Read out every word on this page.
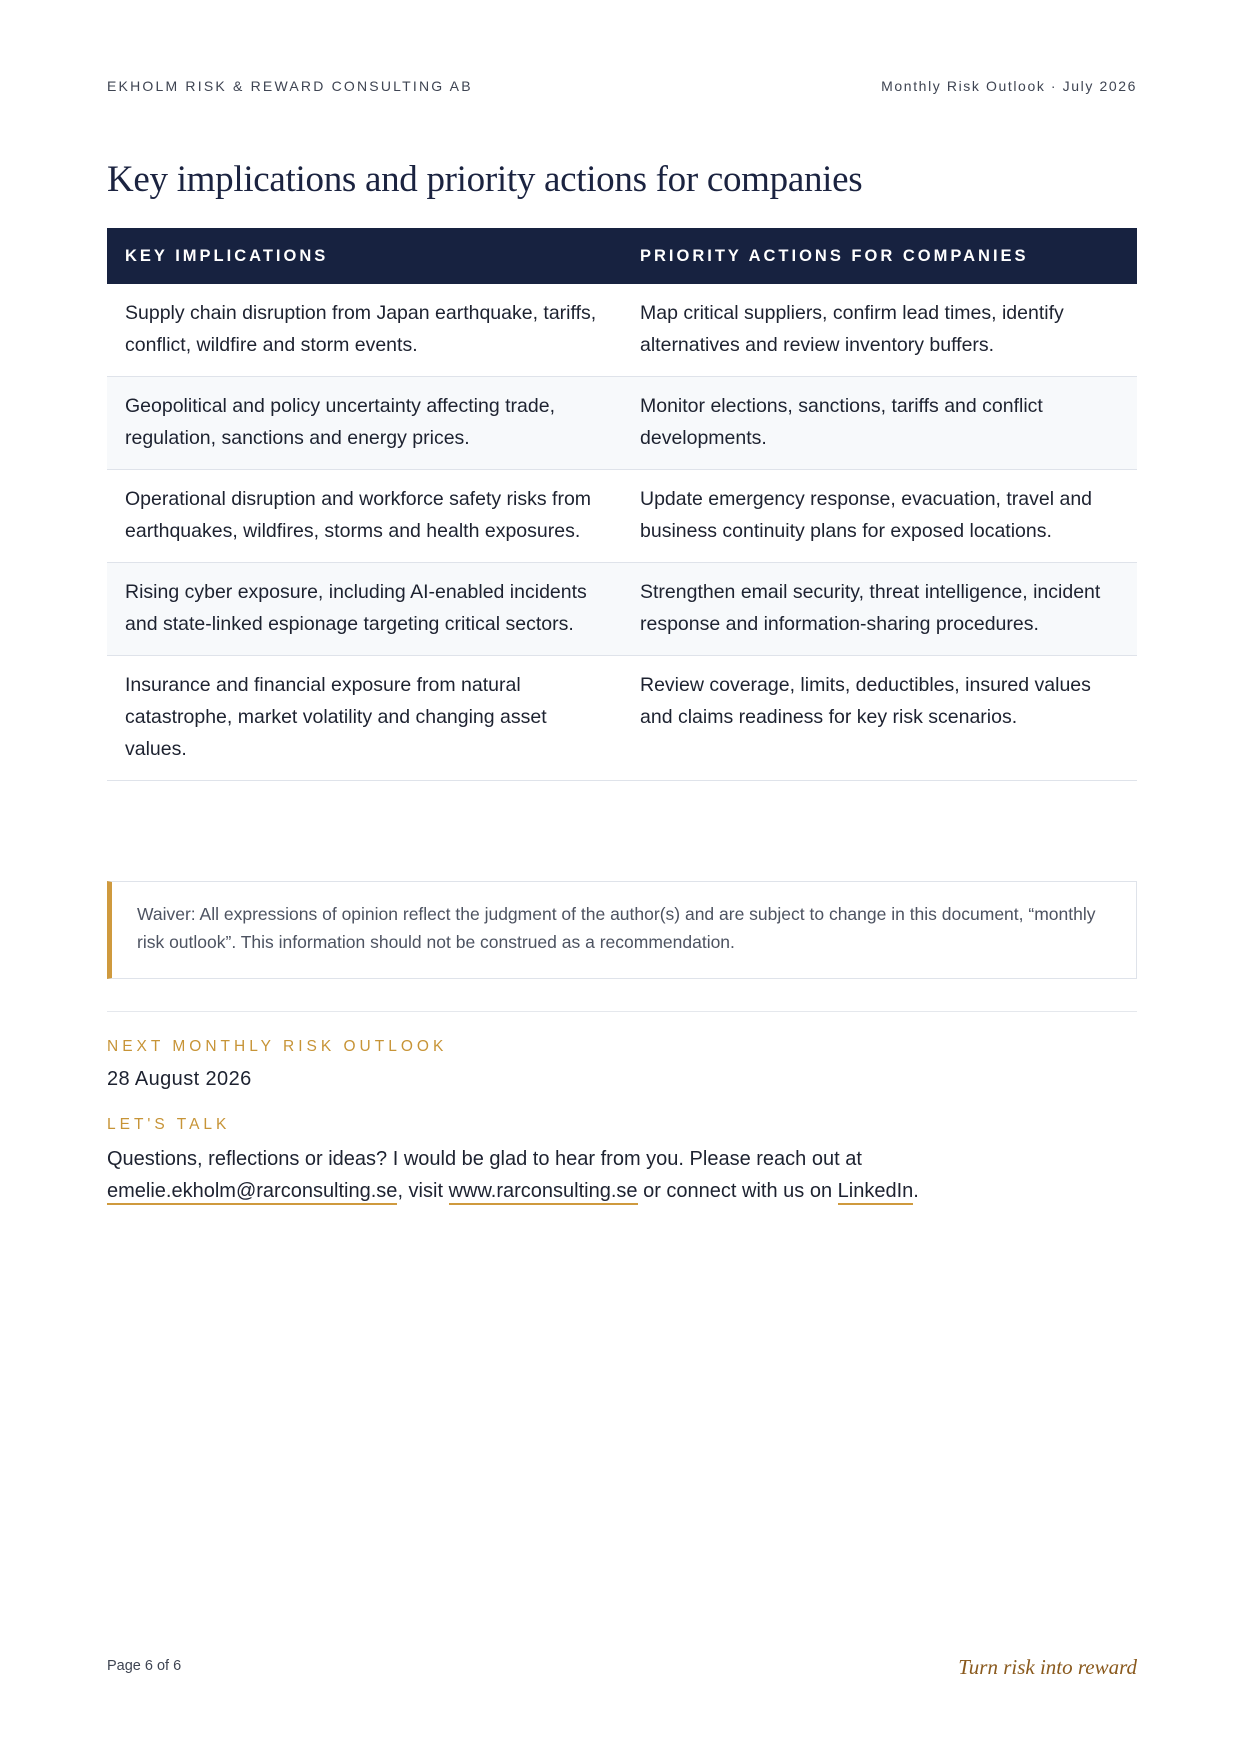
EKHOLM RISK & REWARD CONSULTING AB	Monthly Risk Outlook · July 2026
Key implications and priority actions for companies
KEY IMPLICATIONS	PRIORITY ACTIONS FOR COMPANIES
Supply chain disruption from Japan earthquake, tariffs, conflict, wildfire and storm events.	Map critical suppliers, confirm lead times, identify alternatives and review inventory buffers.
Geopolitical and policy uncertainty affecting trade, regulation, sanctions and energy prices.	Monitor elections, sanctions, tariffs and conflict developments.
Operational disruption and workforce safety risks from earthquakes, wildfires, storms and health exposures.	Update emergency response, evacuation, travel and business continuity plans for exposed locations.
Rising cyber exposure, including AI-enabled incidents and state-linked espionage targeting critical sectors.	Strengthen email security, threat intelligence, incident response and information-sharing procedures.
Insurance and financial exposure from natural catastrophe, market volatility and changing asset values.	Review coverage, limits, deductibles, insured values and claims readiness for key risk scenarios.
Waiver: All expressions of opinion reflect the judgment of the author(s) and are subject to change in this document, “monthly risk outlook”. This information should not be construed as a recommendation.
NEXT MONTHLY RISK OUTLOOK
28 August 2026
LET'S TALK
Questions, reflections or ideas? I would be glad to hear from you. Please reach out at
emelie.ekholm@rarconsulting.se, visit www.rarconsulting.se or connect with us on LinkedIn.
Page 6 of 6	Turn risk into reward
